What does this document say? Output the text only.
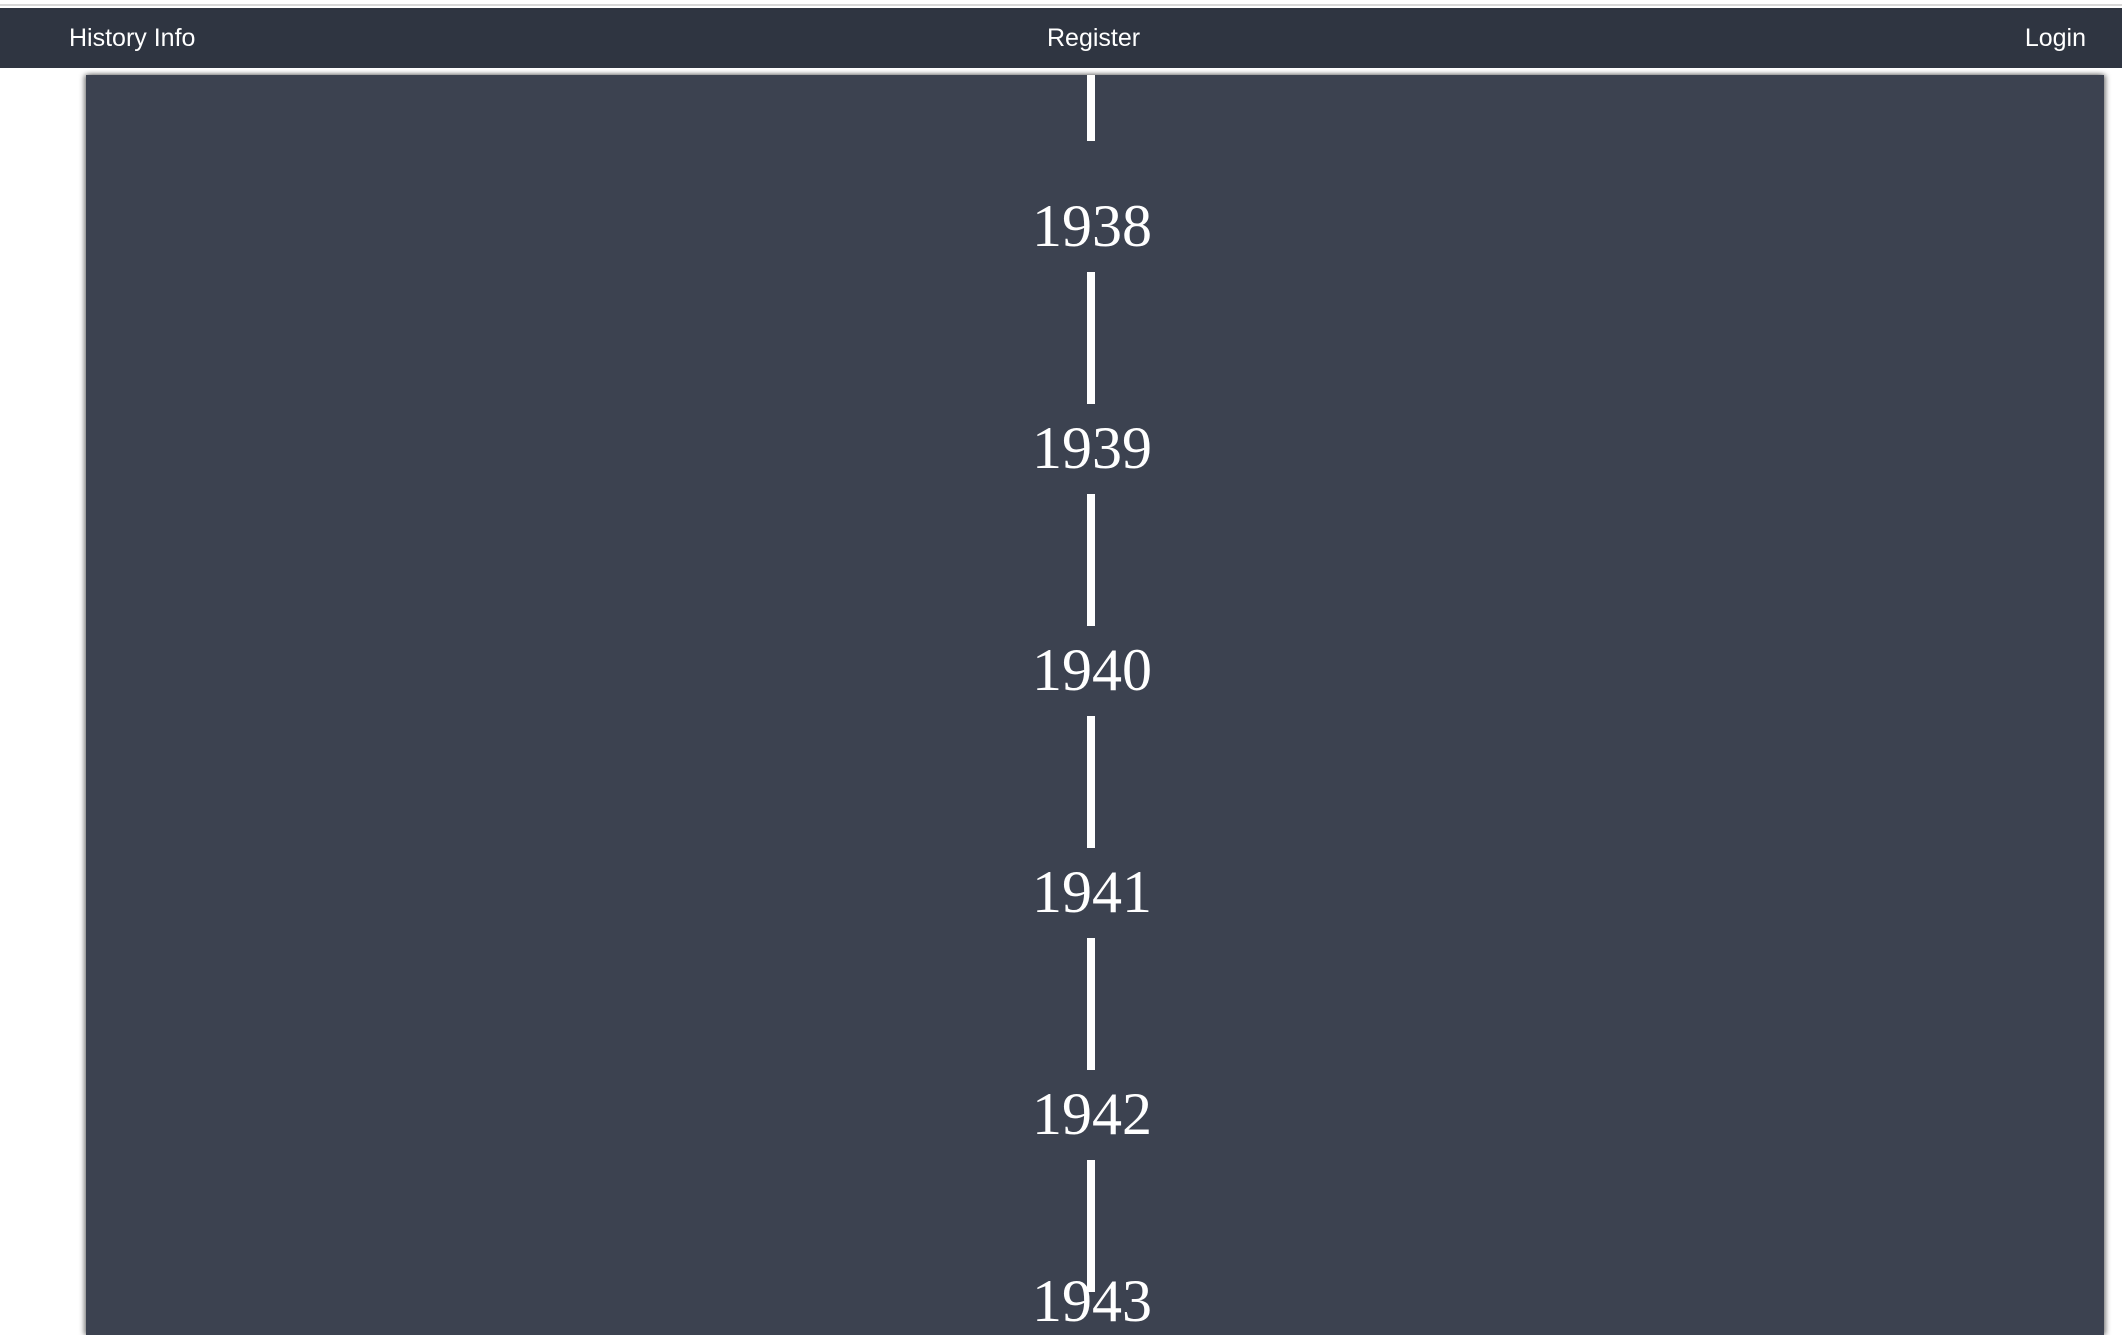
History Info	Register	Login
1938
1939
1940
1941
1942
1943
